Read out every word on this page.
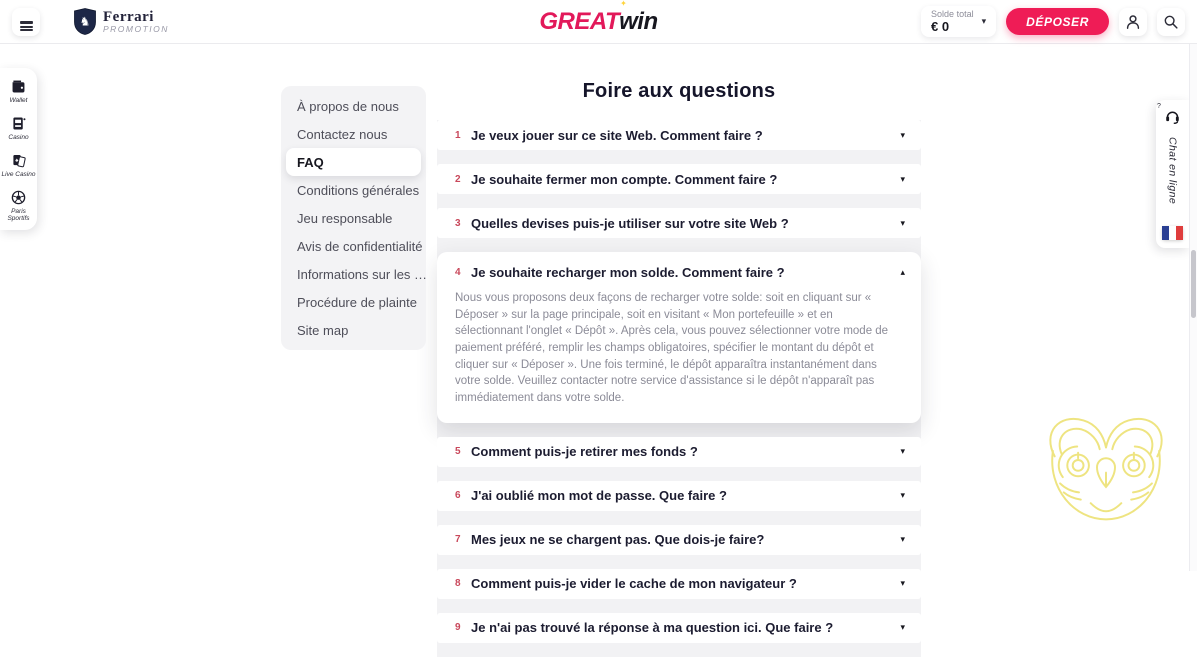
♞ Ferrari
PROMOTION	GREAT
✦
win	Solde total
€ 0	▾	DÉPOSER
Wallet
Casino
♠
Live Casino
Paris Sportifs
À propos de nous
Contactez nous
FAQ
Conditions générales
Jeu responsable
Avis de confidentialité
Informations sur les …
Procédure de plainte
Site map
Foire aux questions
1 Je veux jouer sur ce site Web. Comment faire ?
▾
2 Je souhaite fermer mon compte. Comment faire ?
▾
3 Quelles devises puis-je utiliser sur votre site Web ?
▾
4 Je souhaite recharger mon solde. Comment faire ?
▴
Nous vous proposons deux façons de recharger votre solde: soit en cliquant sur « Déposer » sur la page principale, soit en visitant « Mon portefeuille » et en sélectionnant l'onglet « Dépôt ». Après cela, vous pouvez sélectionner votre mode de paiement préféré, remplir les champs obligatoires, spécifier le montant du dépôt et cliquer sur « Déposer ». Une fois terminé, le dépôt apparaîtra instantanément dans votre solde. Veuillez contacter notre service d'assistance si le dépôt n'apparaît pas immédiatement dans votre solde.
5 Comment puis-je retirer mes fonds ?
▾
6 J'ai oublié mon mot de passe. Que faire ?
▾
7 Mes jeux ne se chargent pas. Que dois-je faire?
▾
8 Comment puis-je vider le cache de mon navigateur ?
▾
9 Je n'ai pas trouvé la réponse à ma question ici. Que faire ?
▾
?
Chat en ligne
